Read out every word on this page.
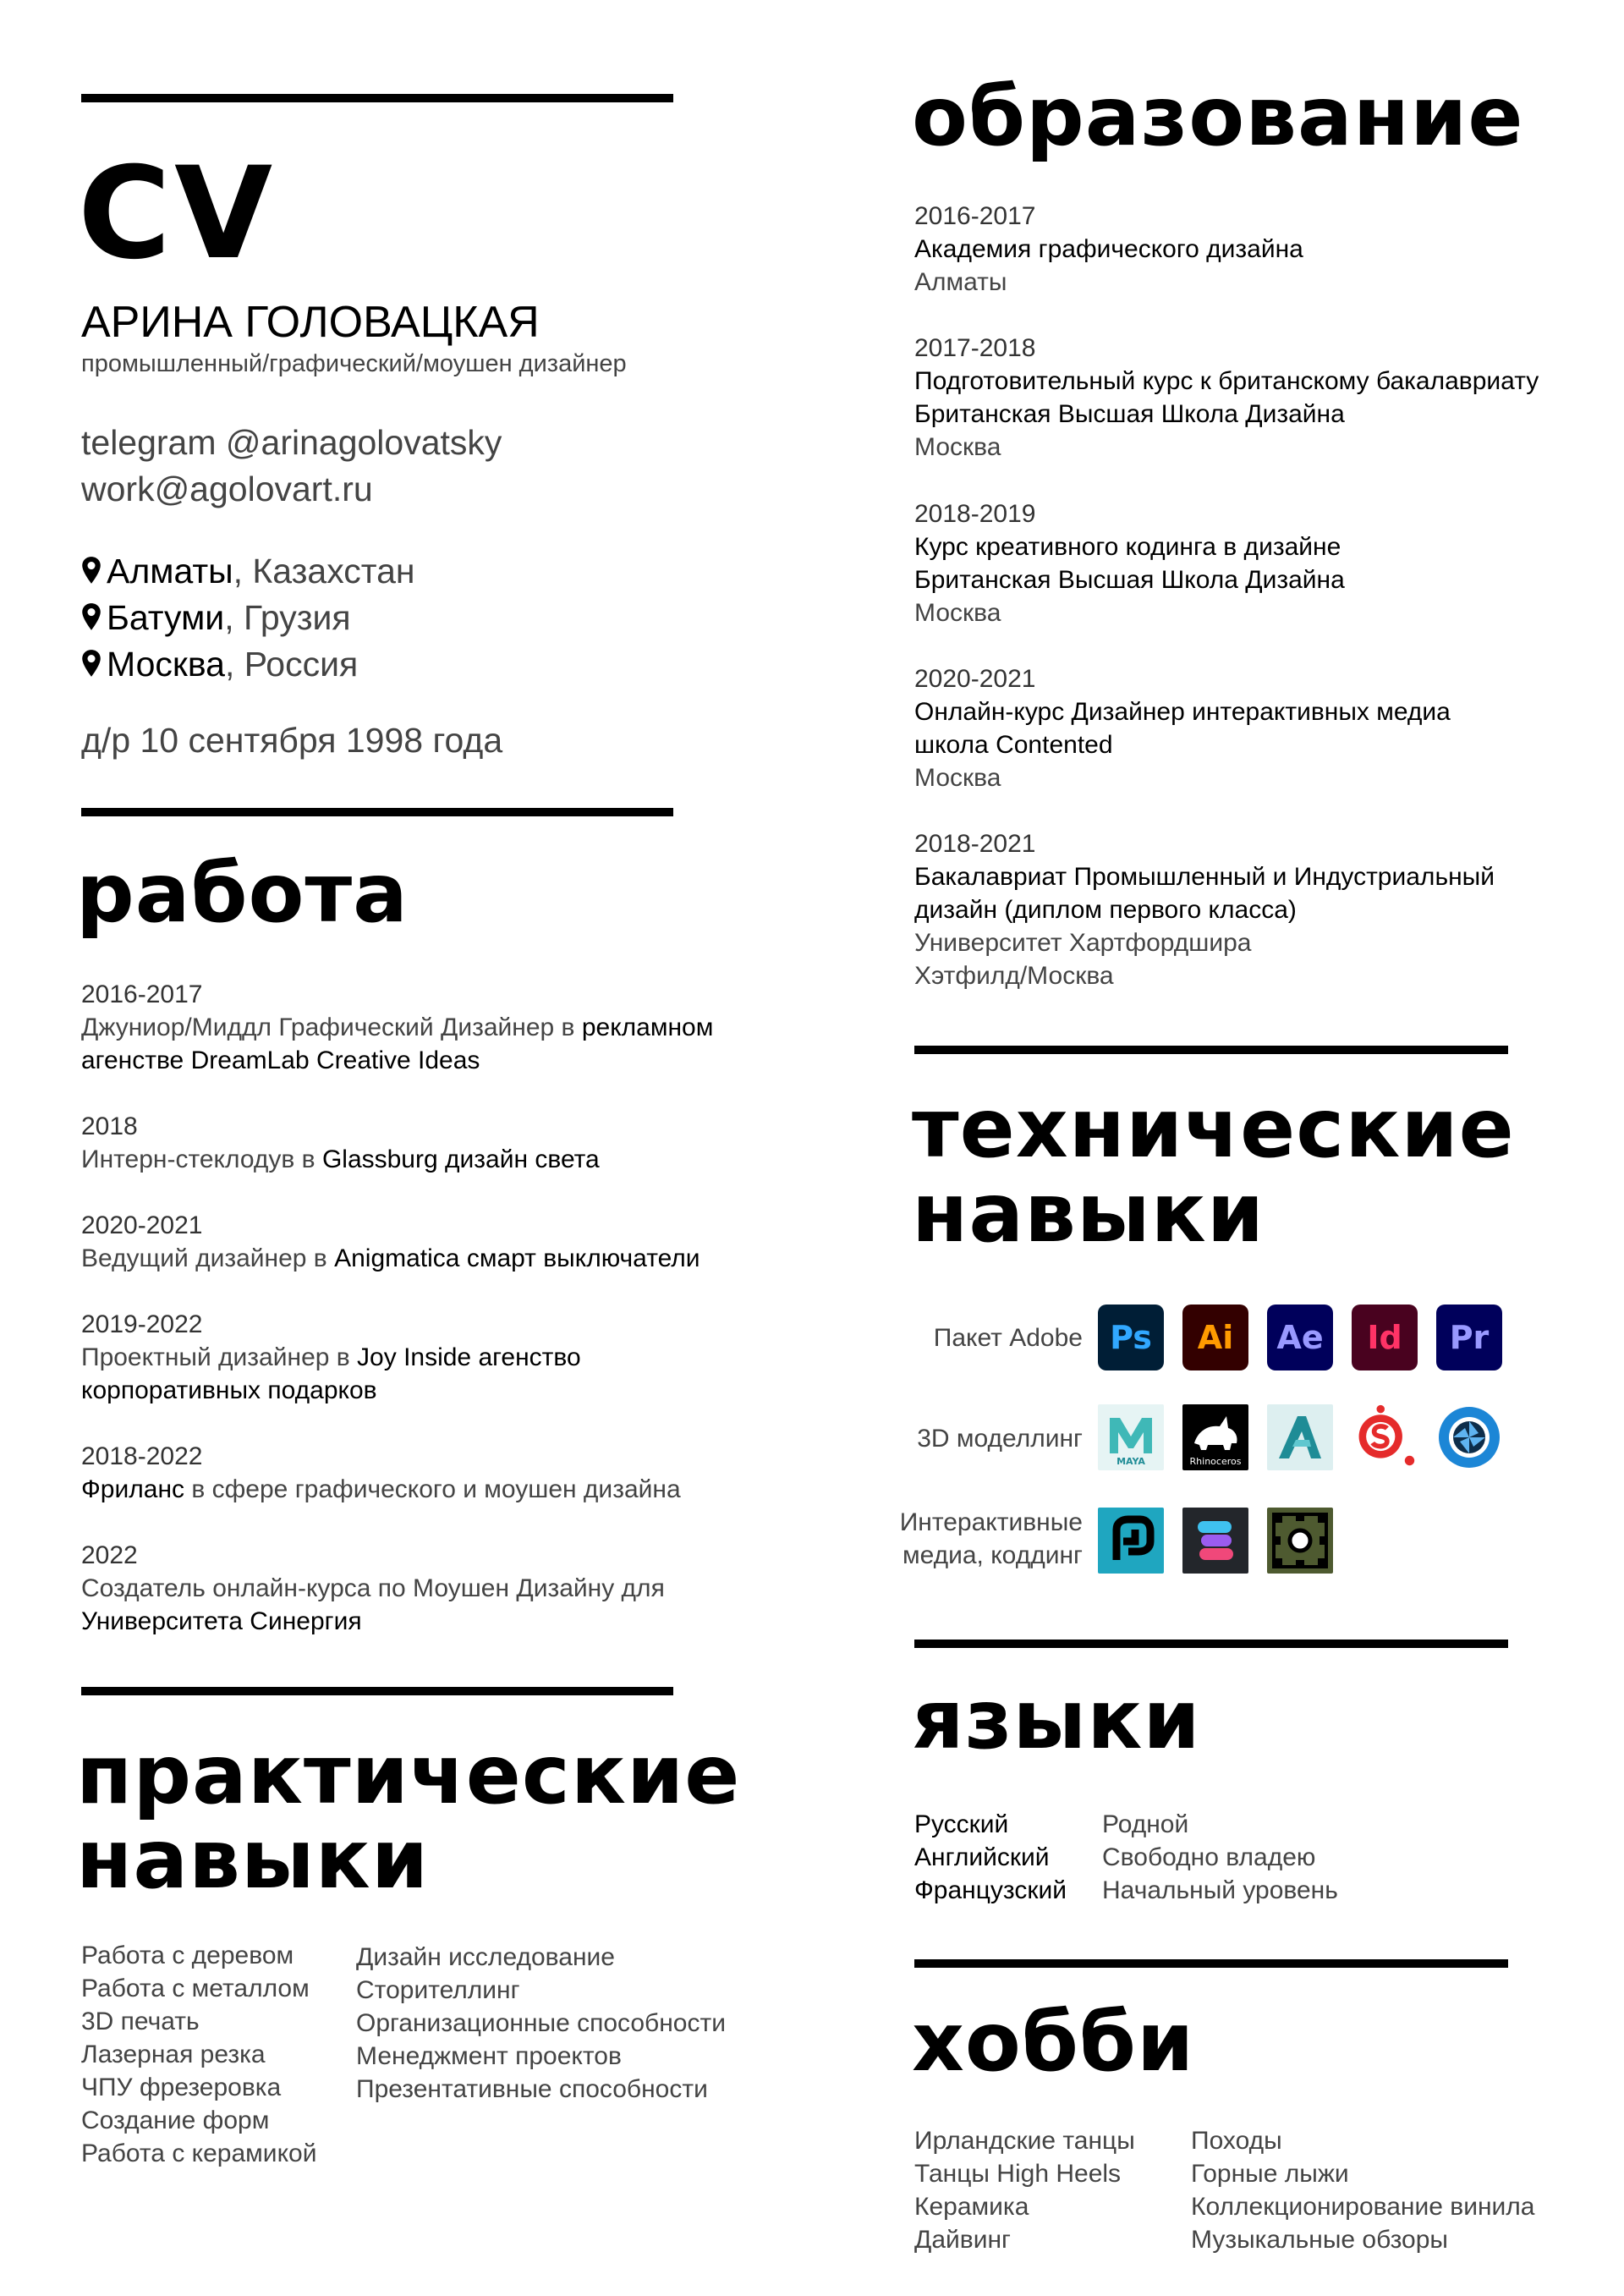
CV
АРИНА ГОЛОВАЦКАЯ
промышленный/графический/моушен дизайнер
telegram @arinagolovatsky
work@agolovart.ru
Алматы, Казахстан
Батуми, Грузия
Москва, Россия
д/р 10 сентября 1998 года
работа
2016-2017
Джуниор/Миддл Графический Дизайнер в рекламном
агенстве DreamLab Creative Ideas
2018
Интерн-стеклодув в Glassburg дизайн света
2020-2021
Ведущий дизайнер в Anigmatica смарт выключатели
2019-2022
Проектный дизайнер в Joy Inside агенство
корпоративных подарков
2018-2022
Фриланс в сфере графического и моушен дизайна
2022
Создатель онлайн-курса по Моушен Дизайну для
Университета Синергия
практические
навыки
Работа с деревом
Работа с металлом
3D печать
Лазерная резка
ЧПУ фрезеровка
Создание форм
Работа с керамикой
Дизайн исследование
Сторителлинг
Организационные способности
Менеджмент проектов
Презентативные способности
образование
2016-2017
Академия графического дизайна
Алматы
2017-2018
Подготовительный курс к британскому бакалавриату
Британская Высшая Школа Дизайна
Москва
2018-2019
Курс креативного кодинга в дизайне
Британская Высшая Школа Дизайна
Москва
2020-2021
Онлайн-курс Дизайнер интерактивных медиа
школа Contented
Москва
2018-2021
Бакалавриат Промышленный и Индустриальный
дизайн (диплом первого класса)
Университет Хартфордшира
Хэтфилд/Москва
технические
навыки
Пакет Adobe Ps Ai Ae Id Pr
3D моделлинг
MAYA	Rhinoceros
Интерактивные
медиа, коддинг
языки
Русский
Английский
Французский
Родной
Свободно владею
Начальный уровень
хобби
Ирландские танцы
Танцы High Heels
Керамика
Дайвинг
Походы
Горные лыжи
Коллекционирование винила
Музыкальные обзоры
